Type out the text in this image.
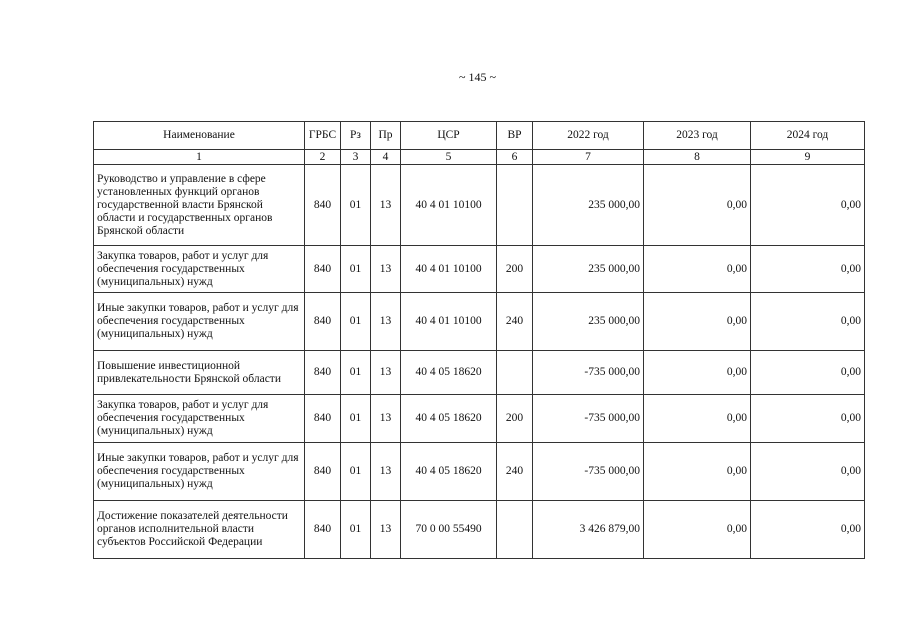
~ 145 ~
Наименование	ГРБС	Рз	Пр	ЦСР	ВР	2022 год	2023 год	2024 год
1	2	3	4	5	6	7	8	9
Руководство и управление в сфере установленных функций органов государственной власти Брянской области и государственных органов Брянской области	840	01	13	40 4 01 10100		235 000,00	0,00	0,00
Закупка товаров, работ и услуг для обеспечения государственных (муниципальных) нужд	840	01	13	40 4 01 10100	200	235 000,00	0,00	0,00
Иные закупки товаров, работ и услуг для обеспечения государственных (муниципальных) нужд	840	01	13	40 4 01 10100	240	235 000,00	0,00	0,00
Повышение инвестиционной привлекательности Брянской области	840	01	13	40 4 05 18620		-735 000,00	0,00	0,00
Закупка товаров, работ и услуг для обеспечения государственных (муниципальных) нужд	840	01	13	40 4 05 18620	200	-735 000,00	0,00	0,00
Иные закупки товаров, работ и услуг для обеспечения государственных (муниципальных) нужд	840	01	13	40 4 05 18620	240	-735 000,00	0,00	0,00
Достижение показателей деятельности органов исполнительной власти субъектов Российской Федерации	840	01	13	70 0 00 55490		3 426 879,00	0,00	0,00
